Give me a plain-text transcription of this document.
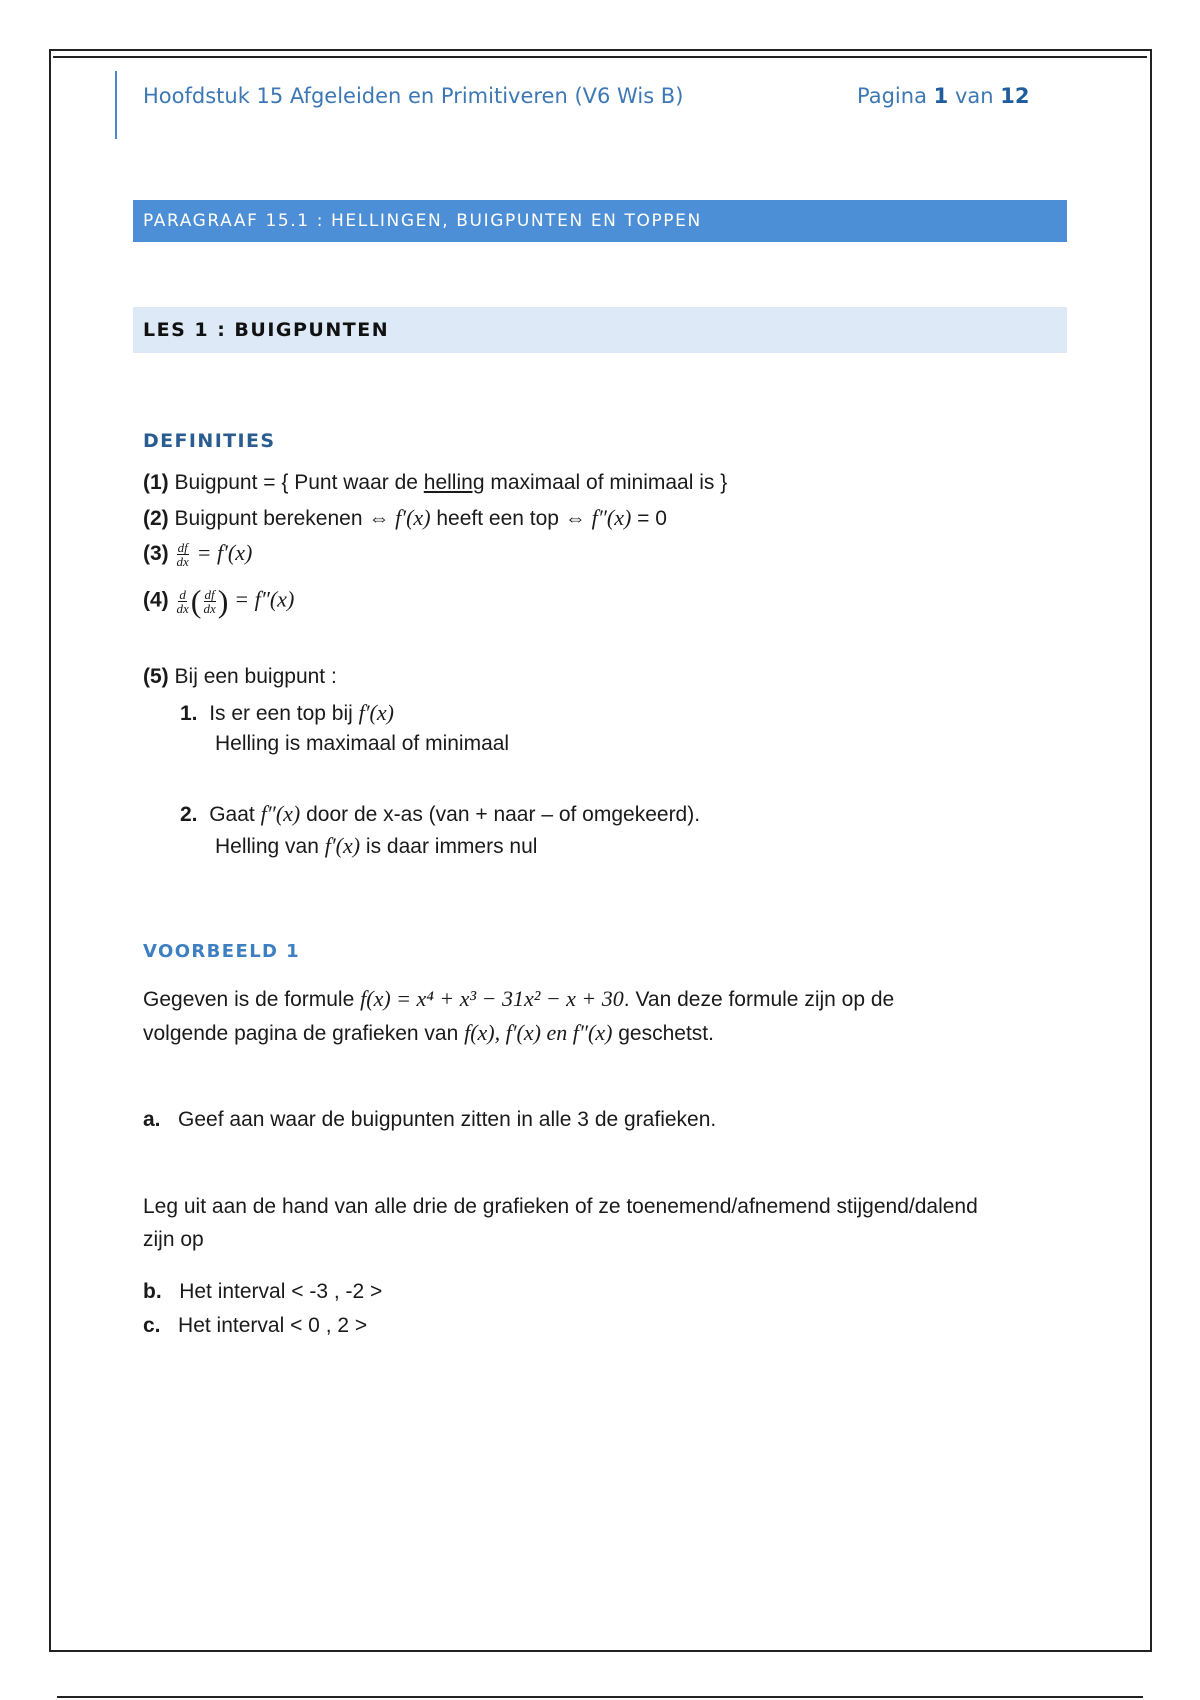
Hoofdstuk 15 Afgeleiden en Primitiveren (V6 Wis B)	Pagina 1 van 12
PARAGRAAF 15.1 : HELLINGEN, BUIGPUNTEN EN TOPPEN
LES 1 : BUIGPUNTEN
DEFINITIES
(1) Buigpunt = { Punt waar de helling maximaal of minimaal is }
(2) Buigpunt berekenen ⇔ f′(x) heeft een top ⇔ f″(x) = 0
$(3) \frac{df}{dx} = f'(x)$
$(4) \frac{d}{dx}$ ( $\frac{df}{dx}$ ) = f″(x)
(5) Bij een buigpunt :
1. Is er een top bij f′(x)
Helling is maximaal of minimaal
2. Gaat f″(x) door de x-as (van + naar – of omgekeerd).
Helling van f′(x) is daar immers nul
VOORBEELD 1
Gegeven is de formule f(x) = x⁴ + x³ − 31x² − x + 30. Van deze formule zijn op de
volgende pagina de grafieken van f(x), f′(x) en f″(x) geschetst.
a. Geef aan waar de buigpunten zitten in alle 3 de grafieken.
Leg uit aan de hand van alle drie de grafieken of ze toenemend/afnemend stijgend/dalend
zijn op
b. Het interval < -3 , -2 >
c. Het interval < 0 , 2 >
